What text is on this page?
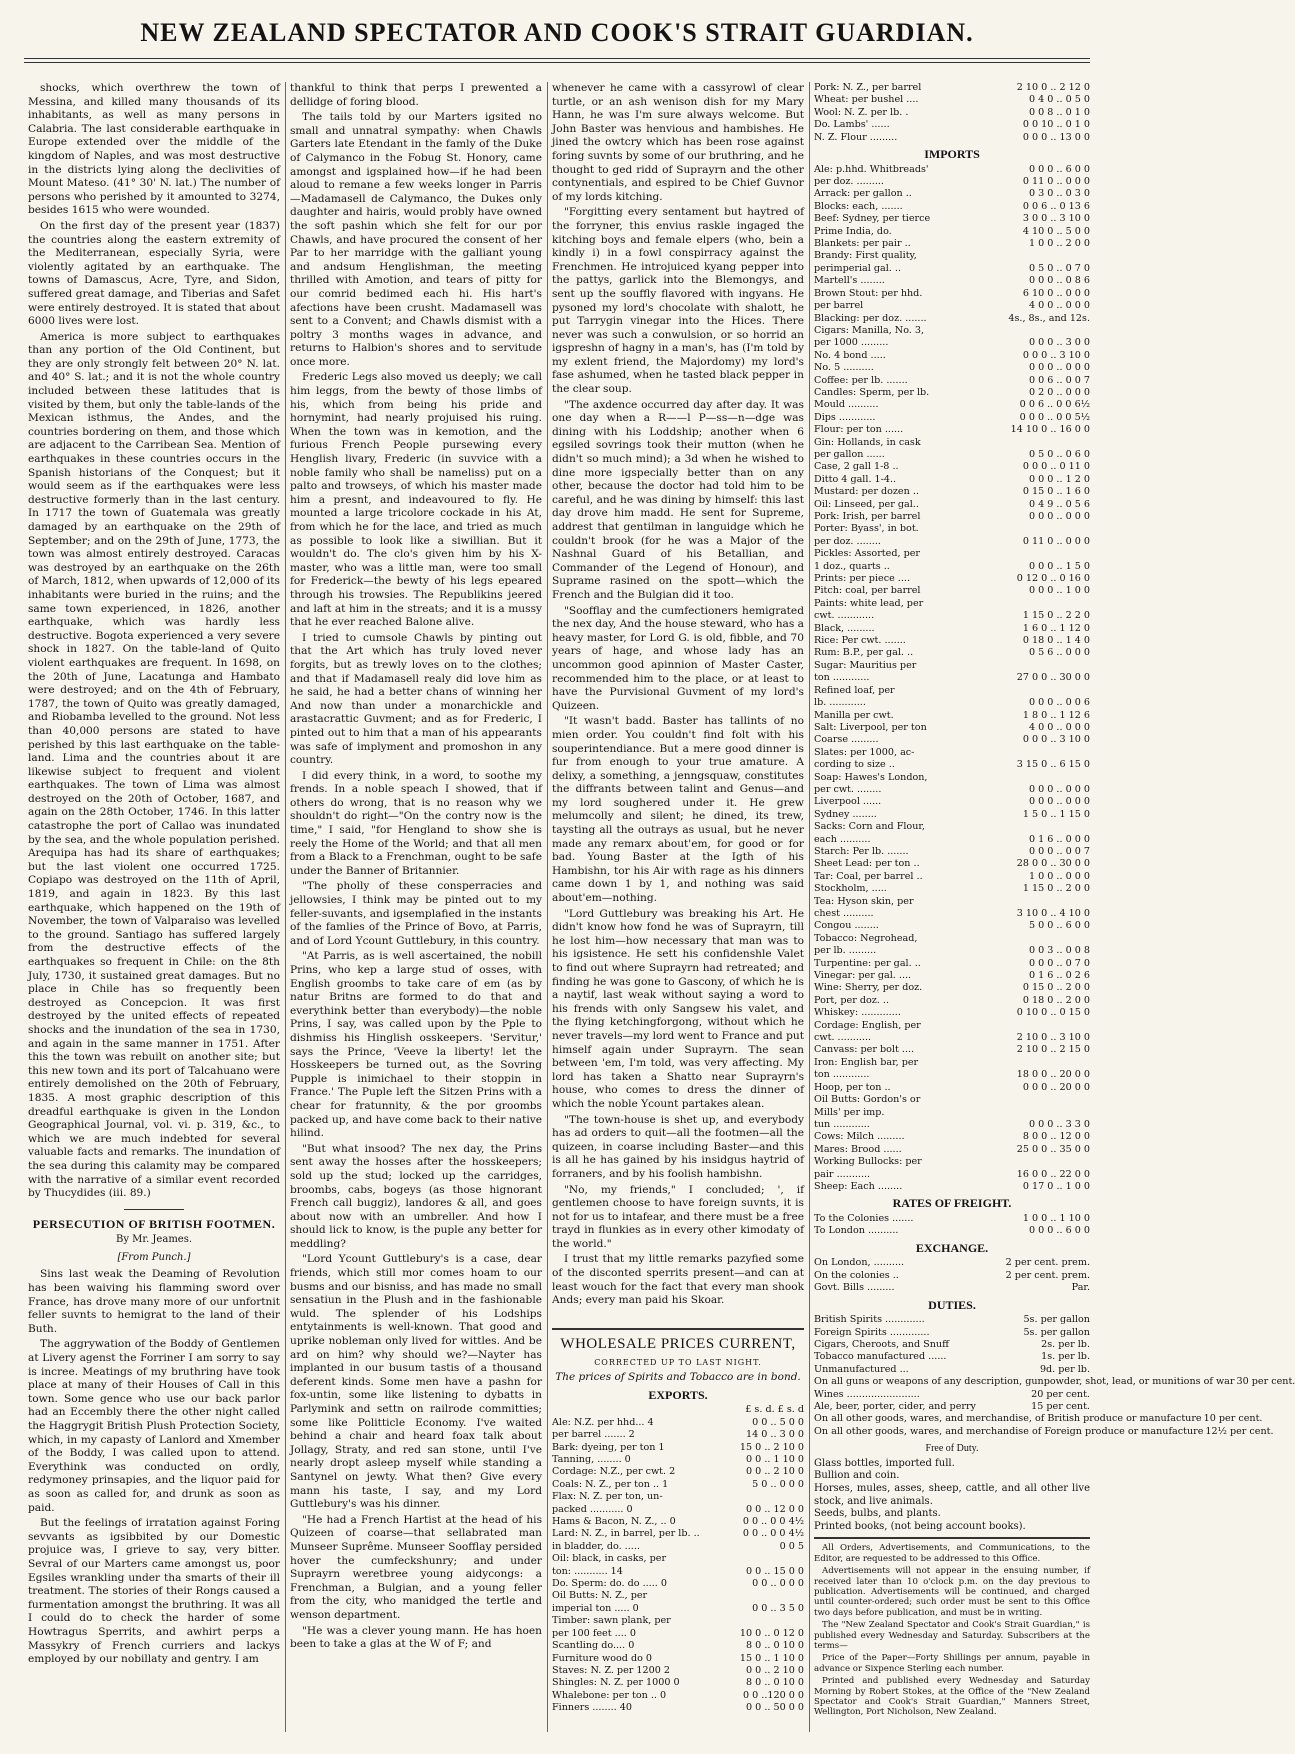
NEW ZEALAND SPECTATOR AND COOK'S STRAIT GUARDIAN.

shocks, which overthrew the town of Messina, and killed many thousands of its inhabitants, as well as many persons in Calabria. The last considerable earthquake in Europe extended over the middle of the kingdom of Naples, and was most destructive in the districts lying along the declivities of Mount Mateso. (41° 30' N. lat.) The number of persons who perished by it amounted to 3274, besides 1615 who were wounded.

On the first day of the present year (1837) the countries along the eastern extremity of the Mediterranean, especially Syria, were violently agitated by an earthquake. The towns of Damascus, Acre, Tyre, and Sidon, suffered great damage, and Tiberias and Safet were entirely destroyed. It is stated that about 6000 lives were lost.

America is more subject to earthquakes than any portion of the Old Continent, but they are only strongly felt between 20° N. lat. and 40° S. lat.; and it is not the whole country included between these latitudes that is visited by them, but only the table-lands of the Mexican isthmus, the Andes, and the countries bordering on them, and those which are adjacent to the Carribean Sea. Mention of earthquakes in these countries occurs in the Spanish historians of the Conquest; but it would seem as if the earthquakes were less destructive formerly than in the last century. In 1717 the town of Guatemala was greatly damaged by an earthquake on the 29th of September; and on the 29th of June, 1773, the town was almost entirely destroyed. Caracas was destroyed by an earthquake on the 26th of March, 1812, when upwards of 12,000 of its inhabitants were buried in the ruins; and the same town experienced, in 1826, another earthquake, which was hardly less destructive. Bogota experienced a very severe shock in 1827. On the table-land of Quito violent earthquakes are frequent. In 1698, on the 20th of June, Lacatunga and Hambato were destroyed; and on the 4th of February, 1787, the town of Quito was greatly damaged, and Riobamba levelled to the ground. Not less than 40,000 persons are stated to have perished by this last earthquake on the table-land. Lima and the countries about it are likewise subject to frequent and violent earthquakes. The town of Lima was almost destroyed on the 20th of October, 1687, and again on the 28th October, 1746. In this latter catastrophe the port of Callao was inundated by the sea, and the whole population perished. Arequipa has had its share of earthquakes; but the last violent one occurred 1725. Copiapo was destroyed on the 11th of April, 1819, and again in 1823. By this last earthquake, which happened on the 19th of November, the town of Valparaiso was levelled to the ground. Santiago has suffered largely from the destructive effects of the earthquakes so frequent in Chile: on the 8th July, 1730, it sustained great damages. But no place in Chile has so frequently been destroyed as Concepcion. It was first destroyed by the united effects of repeated shocks and the inundation of the sea in 1730, and again in the same manner in 1751. After this the town was rebuilt on another site; but this new town and its port of Talcahuano were entirely demolished on the 20th of February, 1835. A most graphic description of this dreadful earthquake is given in the London Geographical Journal, vol. vi. p. 319, &c., to which we are much indebted for several valuable facts and remarks. The inundation of the sea during this calamity may be compared with the narrative of a similar event recorded by Thucydides (iii. 89.)

PERSECUTION OF BRITISH FOOTMEN.
By Mr. Jeames.
[From Punch.]

Sins last weak the Deaming of Revolution has been waiving his flamming sword over France, has drove many more of our unfortnit feller suvnts to hemigrat to the land of their Buth.

The aggrywation of the Boddy of Gentlemen at Livery agenst the Forriner I am sorry to say is incree. Meatings of my bruthring have took place at many of their Houses of Call in this town. Some gence who use our back parlor had an Eccembly there the other night called the Haggrygit British Plush Protection Society, which, in my capasty of Lanlord and Xmember of the Boddy, I was called upon to attend. Everythink was conducted on ordly, redymoney prinsapies, and the liquor paid for as soon as called for, and drunk as soon as paid.

But the feelings of irratation against Foring sevvants as igsibbited by our Domestic projuice was, I grieve to say, very bitter. Sevral of our Marters came amongst us, poor Egsiles wrankling under tha smarts of their ill treatment. The stories of their Rongs caused a furmentation amongst the bruthring. It was all I could do to check the harder of some Howtragus Sperrits, and awhirt perps a Massykry of French curriers and lackys employed by our nobillaty and gentry. I am

thankful to think that perps I prewented a dellidge of foring blood.

The tails told by our Marters igsited no small and unnatral sympathy: when Chawls Garters late Etendant in the famly of the Duke of Calymanco in the Fobug St. Honory, came amongst and igsplained how—if he had been aloud to remane a few weeks longer in Parris—Madamasell de Calymanco, the Dukes only daughter and hairis, would probly have owned the soft pashin which she felt for our por Chawls, and have procured the consent of her Par to her marridge with the galliant young and andsum Henglishman, the meeting thrilled with Amotion, and tears of pitty for our comrid bedimed each hi. His hart's afections have been crusht. Madamasell was sent to a Convent; and Chawls dismist with a poltry 3 months wages in advance, and returns to Halbion's shores and to servitude once more.

Frederic Legs also moved us deeply; we call him leggs, from the bewty of those limbs of his, which from being his pride and hornymint, had nearly projuised his ruing. When the town was in kemotion, and the furious French People pursewing every Henglish livary, Frederic (in suvvice with a noble family who shall be nameliss) put on a palto and trowseys, of which his master made him a presnt, and indeavoured to fly. He mounted a large tricolore cockade in his At, from which he for the lace, and tried as much as possible to look like a siwillian. But it wouldn't do. The clo's given him by his X-master, who was a little man, were too small for Frederick—the bewty of his legs epeared through his trowsies. The Republikins jeered and laft at him in the streats; and it is a mussy that he ever reached Balone alive.

I tried to cumsole Chawls by pinting out that the Art which has truly loved never forgits, but as trewly loves on to the clothes; and that if Madamasell realy did love him as he said, he had a better chans of winning her And now than under a monarchickle and arastacrattic Guvment; and as for Frederic, I pinted out to him that a man of his appearants was safe of implyment and promoshon in any country.

I did every think, in a word, to soothe my frends. In a noble speach I showed, that if others do wrong, that is no reason why we shouldn't do right—"On the contry now is the time," I said, "for Hengland to show she is reely the Home of the World; and that all men from a Black to a Frenchman, ought to be safe under the Banner of Britannier.

"The pholly of these consperracies and jellowsies, I think may be pinted out to my feller-suvants, and igsemplafied in the instants of the famlies of the Prince of Bovo, at Parris, and of Lord Ycount Guttlebury, in this country.

"At Parris, as is well ascertained, the nobill Prins, who kep a large stud of osses, with English groombs to take care of em (as by natur Britns are formed to do that and everythink better than everybody)—the noble Prins, I say, was called upon by the Pple to dishmiss his Hinglish osskeepers. 'Servitur,' says the Prince, 'Veeve la liberty! let the Hosskeepers be turned out, as the Sovring Pupple is inimichael to their stoppin in France.' The Puple left the Sitzen Prins with a chear for fratunnity, & the por groombs packed up, and have come back to their native hilind.

"But what insood? The nex day, the Prins sent away the hosses after the hosskeepers; sold up the stud; locked up the carridges, broombs, cabs, bogeys (as those hignorant French call buggiz), landores & all, and goes about now with an umbreller. And how I should lick to know, is the puple any better for meddling?

"Lord Ycount Guttlebury's is a case, dear friends, which still mor comes hoam to our busms and our bisniss, and has made no small sensatiun in the Plush and in the fashionable wuld. The splender of his Lodships entytainments is well-known. That good and uprike nobleman only lived for wittles. And be ard on him? why should we?—Nayter has implanted in our busum tastis of a thousand deferent kinds. Some men have a pashn for fox-untin, some like listening to dybatts in Parlymink and settn on railrode committies; some like Politticle Economy. I've waited behind a chair and heard foax talk about Jollagy, Straty, and red san stone, until I've nearly dropt asleep myself while standing a Santynel on jewty. What then? Give every mann his taste, I say, and my Lord Guttlebury's was his dinner.

"He had a French Hartist at the head of his Quizeen of coarse—that sellabrated man Munseer Suprême. Munseer Soofflay persided hover the cumfeckshunry; and under Suprayrn weretbree young aidycongs: a Frenchman, a Bulgian, and a young feller from the city, who manidged the tertle and wenson department.

"He was a clever young mann. He has hoen been to take a glas at the W of F; and

whenever he came with a cassyrowl of clear turtle, or an ash wenison dish for my Mary Hann, he was I'm sure always welcome. But John Baster was henvious and hambishes. He jined the owtcry which has been rose against foring suvnts by some of our bruthring, and he thought to ged ridd of Suprayrn and the other contynentials, and espired to be Chief Guvnor of my lords kitching.

"Forgitting every sentament but haytred of the forryner, this envius raskle ingaged the kitching boys and female elpers (who, bein a kindly i) in a fowl conspirracy against the Frenchmen. He introjuiced kyang pepper into the pattys, garlick into the Blemongys, and sent up the souffly flavored with ingyans. He pysoned my lord's chocolate with shalott, he put Tarrygin vinegar into the Hices. There never was such a conwulsion, or so horrid an igspreshn of hagny in a man's, has (I'm told by my exlent friend, the Majordomy) my lord's fase ashumed, when he tasted black pepper in the clear soup.

"The axdence occurred day after day. It was one day when a R——l P—ss—n—dge was dining with his Loddship; another when 6 egsiled sovrings took their mutton (when he didn't so much mind); a 3d when he wished to dine more igspecially better than on any other, because the doctor had told him to be careful, and he was dining by himself: this last day drove him madd. He sent for Supreme, addrest that gentilman in languidge which he couldn't brook (for he was a Major of the Nashnal Guard of his Betallian, and Commander of the Legend of Honour), and Suprame rasined on the spott—which the French and the Bulgian did it too.

"Soofflay and the cumfectioners hemigrated the nex day, And the house steward, who has a heavy master, for Lord G. is old, fibble, and 70 years of hage, and whose lady has an uncommon good apinnion of Master Caster, recommended him to the place, or at least to have the Purvisional Guvment of my lord's Quizeen.

"It wasn't badd. Baster has tallints of no mien order. You couldn't find folt with his souperintendiance. But a mere good dinner is fur from enough to your true amature. A delixy, a something, a jenngsquaw, constitutes the diffrants between talint and Genus—and my lord soughered under it. He grew melumcolly and silent; he dined, its trew, taysting all the outrays as usual, but he never made any remarx about'em, for good or for bad. Young Baster at the Igth of his Hambishn, tor his Air with rage as his dinners came down 1 by 1, and nothing was said about'em—nothing.

"Lord Guttlebury was breaking his Art. He didn't know how fond he was of Suprayrn, till he lost him—how necessary that man was to his igsistence. He sett his confidenshle Valet to find out where Suprayrn had retreated; and finding he was gone to Gascony, of which he is a naytif, last weak without saying a word to his frends with only Sangsew his valet, and the flying ketchingforgong, without which he never travels—my lord went to France and put himself again under Suprayrn. The sean between 'em, I'm told, was very affecting. My lord has taken a Shatto near Suprayrn's house, who comes to dress the dinner of which the noble Ycount partakes alean.

"The town-house is shet up, and everybody has ad orders to quit—all the footmen—all the quizeen, in coarse including Baster—and this is all he has gained by his insidgus haytrid of forraners, and by his foolish hambishn.

"No, my friends," I concluded; ', if gentlemen choose to have foreign suvnts, it is not for us to intafear, and there must be a free trayd in flunkies as in every other kimodaty of the world."

I trust that my little remarks pazyfied some of the disconted sperrits present—and can at least wouch for the fact that every man shook Ands; every man paid his Skoar.

WHOLESALE PRICES CURRENT,
CORRECTED UP TO LAST NIGHT.
The prices of Spirits and Tobacco are in bond.
EXPORTS.
£ s. d. £ s. d
Ale: N.Z. per hhd... 4	0 0 .. 5 0 0
per barrel ....... 2	14 0 .. 3 0 0
Bark: dyeing, per ton 1	15 0 .. 2 10 0
Tanning, ........ 0	0 0 .. 1 10 0
Cordage: N.Z., per cwt. 2	0 0 .. 2 10 0
Coals: N. Z., per ton .. 1	5 0 .. 0 0 0
Flax: N. Z. per ton, un-
packed ........... 0	0 0 .. 12 0 0
Hams & Bacon, N. Z., .. 0	0 0 .. 0 0 4½
Lard: N. Z., in barrel, per lb. ..	0 0 .. 0 0 4½
in bladder, do. .....	0 0 5
Oil: black, in casks, per
ton: ........... 14	0 0 .. 15 0 0
Do. Sperm: do. do ..... 0	0 0 .. 0 0 0
Oil Butts: N. Z., per
imperial ton ..... 0	0 0 .. 3 5 0
Timber: sawn plank, per
per 100 feet .... 0	10 0 .. 0 12 0
Scantling do.... 0	8 0 .. 0 10 0
Furniture wood do 0	15 0 .. 1 10 0
Staves: N. Z. per 1200 2	0 0 .. 2 10 0
Shingles: N. Z. per 1000 0	8 0 .. 0 10 0
Whalebone: per ton .. 0	0 0 ..120 0 0
Finners ........ 40	0 0 .. 50 0 0
Pork: N. Z., per barrel	2 10 0 .. 2 12 0
Wheat: per bushel ....	0 4 0 .. 0 5 0
Wool: N. Z. per lb. .	0 0 8 .. 0 1 0
Do. Lambs' ......	0 0 10 .. 0 1 0
N. Z. Flour .........	0 0 0 .. 13 0 0
IMPORTS
Ale: p.hhd. Whitbreads'	0 0 0 .. 6 0 0
per doz. .........	0 11 0 .. 0 0 0
Arrack: per gallon ..	0 3 0 .. 0 3 0
Blocks: each, .......	0 0 6 .. 0 13 6
Beef: Sydney, per tierce	3 0 0 .. 3 10 0
Prime India, do.	4 10 0 .. 5 0 0
Blankets: per pair ..	1 0 0 .. 2 0 0
Brandy: First quality,
perimperial gal. ..	0 5 0 .. 0 7 0
Martell's ........	0 0 0 .. 0 8 6
Brown Stout: per hhd.	6 10 0 .. 0 0 0
per barrel	4 0 0 .. 0 0 0
Blacking: per doz. .......	4s., 8s., and 12s.
Cigars: Manilla, No. 3,
per 1000 .........	0 0 0 .. 3 0 0
No. 4 bond .....	0 0 0 .. 3 10 0
No. 5 ..........	0 0 0 .. 0 0 0
Coffee: per lb. .......	0 0 6 .. 0 0 7
Candles: Sperm, per lb.	0 2 0 .. 0 0 0
Mould ..........	0 0 6 .. 0 0 6½
Dips ............	0 0 0 .. 0 0 5½
Flour: per ton ......	14 10 0 .. 16 0 0
Gin: Hollands, in cask
per gallon ......	0 5 0 .. 0 6 0
Case, 2 gall 1-8 ..	0 0 0 .. 0 11 0
Ditto 4 gall. 1-4..	0 0 0 .. 1 2 0
Mustard: per dozen ..	0 15 0 .. 1 6 0
Oil: Linseed, per gal..	0 4 9 .. 0 5 6
Pork: Irish, per barrel	0 0 0 .. 0 0 0
Porter: Byass', in bot.
per doz. ........	0 11 0 .. 0 0 0
Pickles: Assorted, per
1 doz., quarts ..	0 0 0 .. 1 5 0
Prints: per piece ....	0 12 0 .. 0 16 0
Pitch: coal, per barrel	0 0 0 .. 1 0 0
Paints: white lead, per
cwt. ............	1 15 0 .. 2 2 0
Black, .........	1 6 0 .. 1 12 0
Rice: Per cwt. .......	0 18 0 .. 1 4 0
Rum: B.P., per gal. ..	0 5 6 .. 0 0 0
Sugar: Mauritius per
ton ............	27 0 0 .. 30 0 0
Refined loaf, per
lb. ............	0 0 0 .. 0 0 6
Manilla per cwt.	1 8 0 .. 1 12 6
Salt: Liverpool, per ton	4 0 0 .. 0 0 0
Coarse .........	0 0 0 .. 3 10 0
Slates: per 1000, ac-
cording to size ..	3 15 0 .. 6 15 0
Soap: Hawes's London,
per cwt. ........	0 0 0 .. 0 0 0
Liverpool ......	0 0 0 .. 0 0 0
Sydney ........	1 5 0 .. 1 15 0
Sacks: Corn and Flour,
each ..........	0 1 6 .. 0 0 0
Starch: Per lb. .......	0 0 0 .. 0 0 7
Sheet Lead: per ton ..	28 0 0 .. 30 0 0
Tar: Coal, per barrel ..	1 0 0 .. 0 0 0
Stockholm, .....	1 15 0 .. 2 0 0
Tea: Hyson skin, per
chest ..........	3 10 0 .. 4 10 0
Congou ........	5 0 0 .. 6 0 0
Tobacco: Negrohead,
per lb. .........	0 0 3 .. 0 0 8
Turpentine: per gal. ..	0 0 0 .. 0 7 0
Vinegar: per gal. ....	0 1 6 .. 0 2 6
Wine: Sherry, per doz.	0 15 0 .. 2 0 0
Port, per doz. ..	0 18 0 .. 2 0 0
Whiskey: .............	0 10 0 .. 0 15 0
Cordage: English, per
cwt. ...........	2 10 0 .. 3 10 0
Canvass: per bolt ....	2 10 0 .. 2 15 0
Iron: English bar, per
ton ............	18 0 0 .. 20 0 0
Hoop, per ton ..	0 0 0 .. 20 0 0
Oil Butts: Gordon's or
Mills' per imp.
tun ............	0 0 0 .. 3 3 0
Cows: Milch .........	8 0 0 .. 12 0 0
Mares: Brood ......	25 0 0 .. 35 0 0
Working Bullocks: per
pair ...........	16 0 0 .. 22 0 0
Sheep: Each ........	0 17 0 .. 1 0 0
RATES OF FREIGHT.
To the Colonies .......	1 0 0 .. 1 10 0
To London ..........	0 0 0 .. 6 0 0
EXCHANGE.
On London, ..........	2 per cent. prem.
On the colonies ..	2 per cent. prem.
Govt. Bills .........	Par.
DUTIES.
British Spirits .............	5s. per gallon
Foreign Spirits .............	5s. per gallon
Cigars, Cheroots, and Snuff	2s. per lb.
Tobacco manufactured ......	1s. per lb.
Unmanufactured ...	9d. per lb.
On all guns or weapons of any description, gunpowder, shot, lead, or munitions of war 30 per cent.
Wines ........................	20 per cent.
Ale, beer, porter, cider, and perry	15 per cent.
On all other goods, wares, and merchandise, of British produce or manufacture 10 per cent.
On all other goods, wares, and merchandise of Foreign produce or manufacture 12½ per cent.
Free of Duty.
Glass bottles, imported full.
Bullion and coin.
Horses, mules, asses, sheep, cattle, and all other live stock, and live animals.
Seeds, bulbs, and plants.
Printed books, (not being account books).

All Orders, Advertisements, and Communications, to the Editor, are requested to be addressed to this Office.

Advertisements will not appear in the ensuing number, if received later than 10 o'clock p.m. on the day previous to publication. Advertisements will be continued, and charged until counter-ordered; such order must be sent to this Office two days before publication, and must be in writing.

The "New Zealand Spectator and Cook's Strait Guardian," is published every Wednesday and Saturday. Subscribers at the terms—

Price of the Paper—Forty Shillings per annum, payable in advance or Sixpence Sterling each number.

Printed and published every Wednesday and Saturday Morning by Robert Stokes, at the Office of the "New Zealand Spectator and Cook's Strait Guardian," Manners Street, Wellington, Port Nicholson, New Zealand.
